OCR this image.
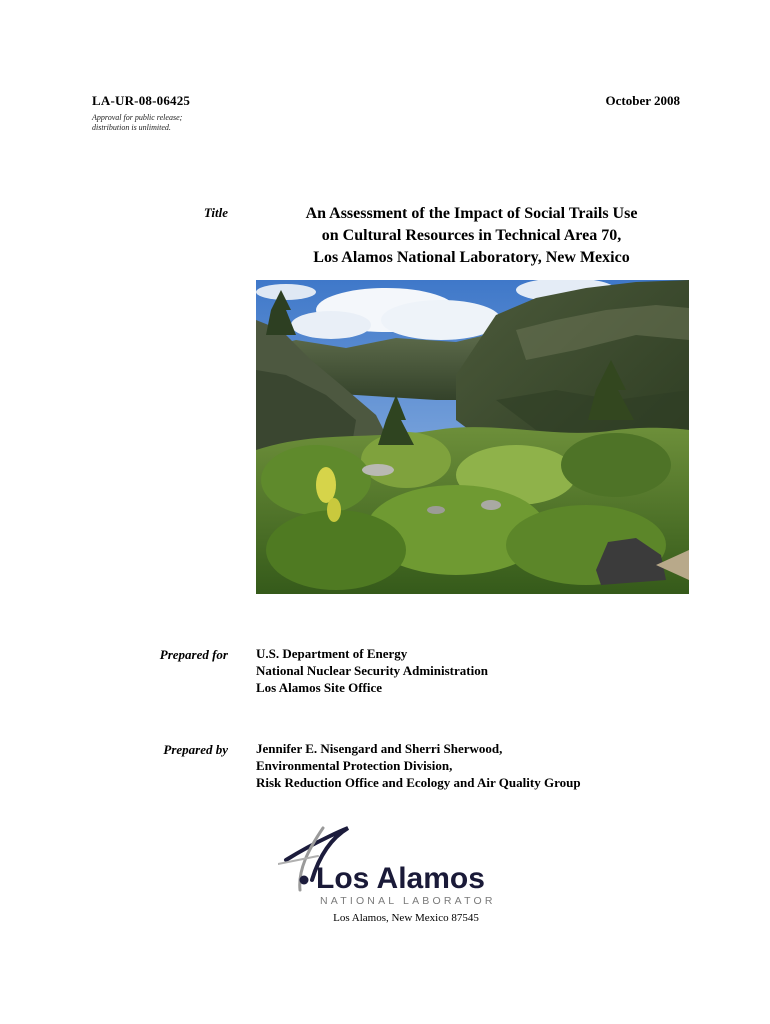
LA-UR-08-06425	October 2008
Approval for public release;
distribution is unlimited.
Title	An Assessment of the Impact of Social Trails Use
on Cultural Resources in Technical Area 70,
Los Alamos National Laboratory, New Mexico
Prepared for U.S. Department of Energy
National Nuclear Security Administration
Los Alamos Site Office
Prepared by Jennifer E. Nisengard and Sherri Sherwood,
Environmental Protection Division,
Risk Reduction Office and Ecology and Air Quality Group
Los Alamos
NATIONAL LABORATORY
Los Alamos, New Mexico 87545
